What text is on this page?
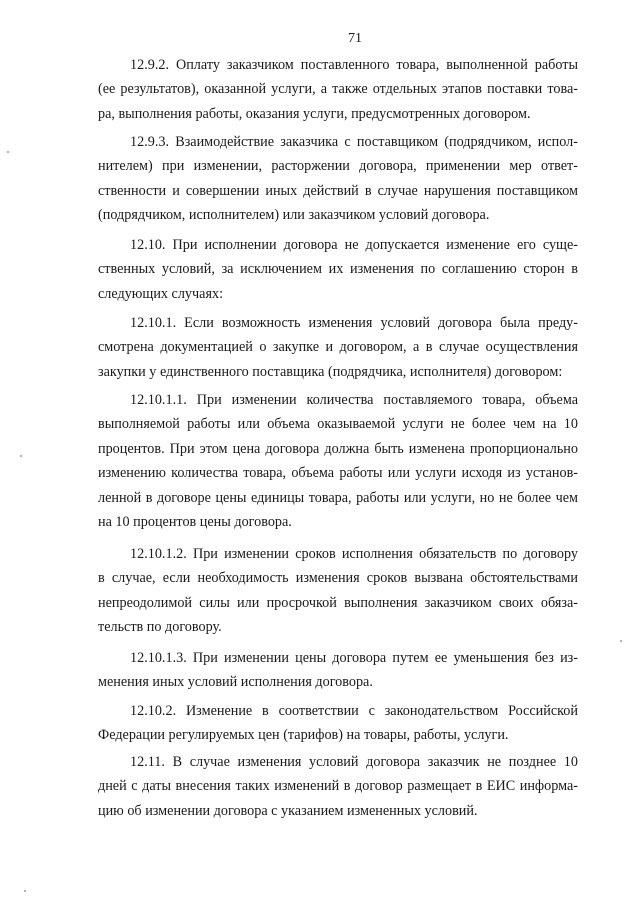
71
12.9.2. Оплату заказчиком поставленного товара, выполненной работы
(ее результатов), оказанной услуги, а также отдельных этапов поставки това-
ра, выполнения работы, оказания услуги, предусмотренных договором.
12.9.3. Взаимодействие заказчика с поставщиком (подрядчиком, испол-
нителем) при изменении, расторжении договора, применении мер ответ-
ственности и совершении иных действий в случае нарушения поставщиком
(подрядчиком, исполнителем) или заказчиком условий договора.
12.10. При исполнении договора не допускается изменение его суще-
ственных условий, за исключением их изменения по соглашению сторон в
следующих случаях:
12.10.1. Если возможность изменения условий договора была преду-
смотрена документацией о закупке и договором, а в случае осуществления
закупки у единственного поставщика (подрядчика, исполнителя) договором:
12.10.1.1. При изменении количества поставляемого товара, объема
выполняемой работы или объема оказываемой услуги не более чем на 10
процентов. При этом цена договора должна быть изменена пропорционально
изменению количества товара, объема работы или услуги исходя из установ-
ленной в договоре цены единицы товара, работы или услуги, но не более чем
на 10 процентов цены договора.
12.10.1.2. При изменении сроков исполнения обязательств по договору
в случае, если необходимость изменения сроков вызвана обстоятельствами
непреодолимой силы или просрочкой выполнения заказчиком своих обяза-
тельств по договору.
12.10.1.3. При изменении цены договора путем ее уменьшения без из-
менения иных условий исполнения договора.
12.10.2. Изменение в соответствии с законодательством Российской
Федерации регулируемых цен (тарифов) на товары, работы, услуги.
12.11. В случае изменения условий договора заказчик не позднее 10
дней с даты внесения таких изменений в договор размещает в ЕИС информа-
цию об изменении договора с указанием измененных условий.
